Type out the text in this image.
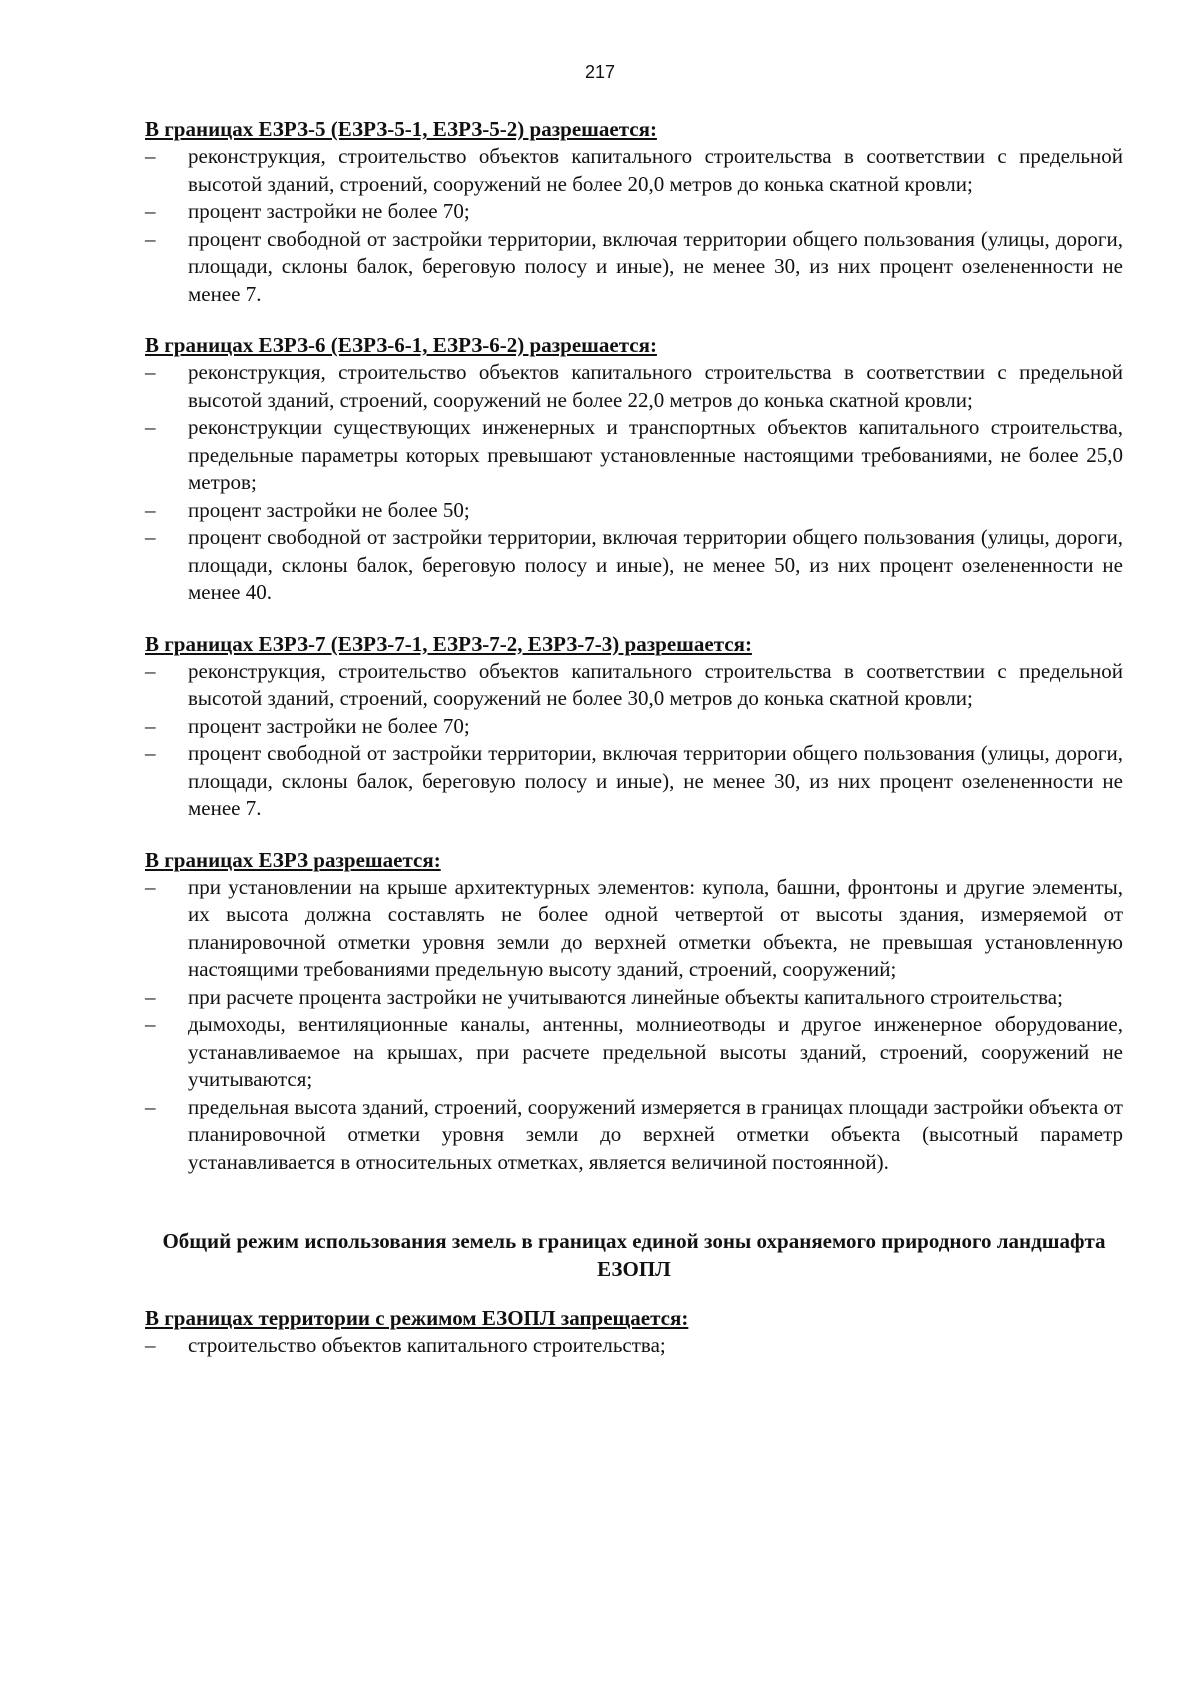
217

В границах ЕЗРЗ-5 (ЕЗРЗ-5-1, ЕЗРЗ-5-2) разрешается:

– реконструкция, строительство объектов капитального строительства в соответствии с предельной высотой зданий, строений, сооружений не более 20,0 метров до конька скатной кровли;
– процент застройки не более 70;
– процент свободной от застройки территории, включая территории общего пользования (улицы, дороги, площади, склоны балок, береговую полосу и иные), не менее 30, из них процент озелененности не менее 7.

В границах ЕЗРЗ-6 (ЕЗРЗ-6-1, ЕЗРЗ-6-2) разрешается:

– реконструкция, строительство объектов капитального строительства в соответствии с предельной высотой зданий, строений, сооружений не более 22,0 метров до конька скатной кровли;
– реконструкции существующих инженерных и транспортных объектов капитального строительства, предельные параметры которых превышают установленные настоящими требованиями, не более 25,0 метров;
– процент застройки не более 50;
– процент свободной от застройки территории, включая территории общего пользования (улицы, дороги, площади, склоны балок, береговую полосу и иные), не менее 50, из них процент озелененности не менее 40.

В границах ЕЗРЗ-7 (ЕЗРЗ-7-1, ЕЗРЗ-7-2, ЕЗРЗ-7-3) разрешается:

– реконструкция, строительство объектов капитального строительства в соответствии с предельной высотой зданий, строений, сооружений не более 30,0 метров до конька скатной кровли;
– процент застройки не более 70;
– процент свободной от застройки территории, включая территории общего пользования (улицы, дороги, площади, склоны балок, береговую полосу и иные), не менее 30, из них процент озелененности не менее 7.

В границах ЕЗРЗ разрешается:

– при установлении на крыше архитектурных элементов: купола, башни, фронтоны и другие элементы, их высота должна составлять не более одной четвертой от высоты здания, измеряемой от планировочной отметки уровня земли до верхней отметки объекта, не превышая установленную настоящими требованиями предельную высоту зданий, строений, сооружений;
– при расчете процента застройки не учитываются линейные объекты капитального строительства;
– дымоходы, вентиляционные каналы, антенны, молниеотводы и другое инженерное оборудование, устанавливаемое на крышах, при расчете предельной высоты зданий, строений, сооружений не учитываются;
– предельная высота зданий, строений, сооружений измеряется в границах площади застройки объекта от планировочной отметки уровня земли до верхней отметки объекта (высотный параметр устанавливается в относительных отметках, является величиной постоянной).

Общий режим использования земель в границах единой зоны охраняемого природного ландшафта ЕЗОПЛ

В границах территории с режимом ЕЗОПЛ запрещается:

– строительство объектов капитального строительства;
